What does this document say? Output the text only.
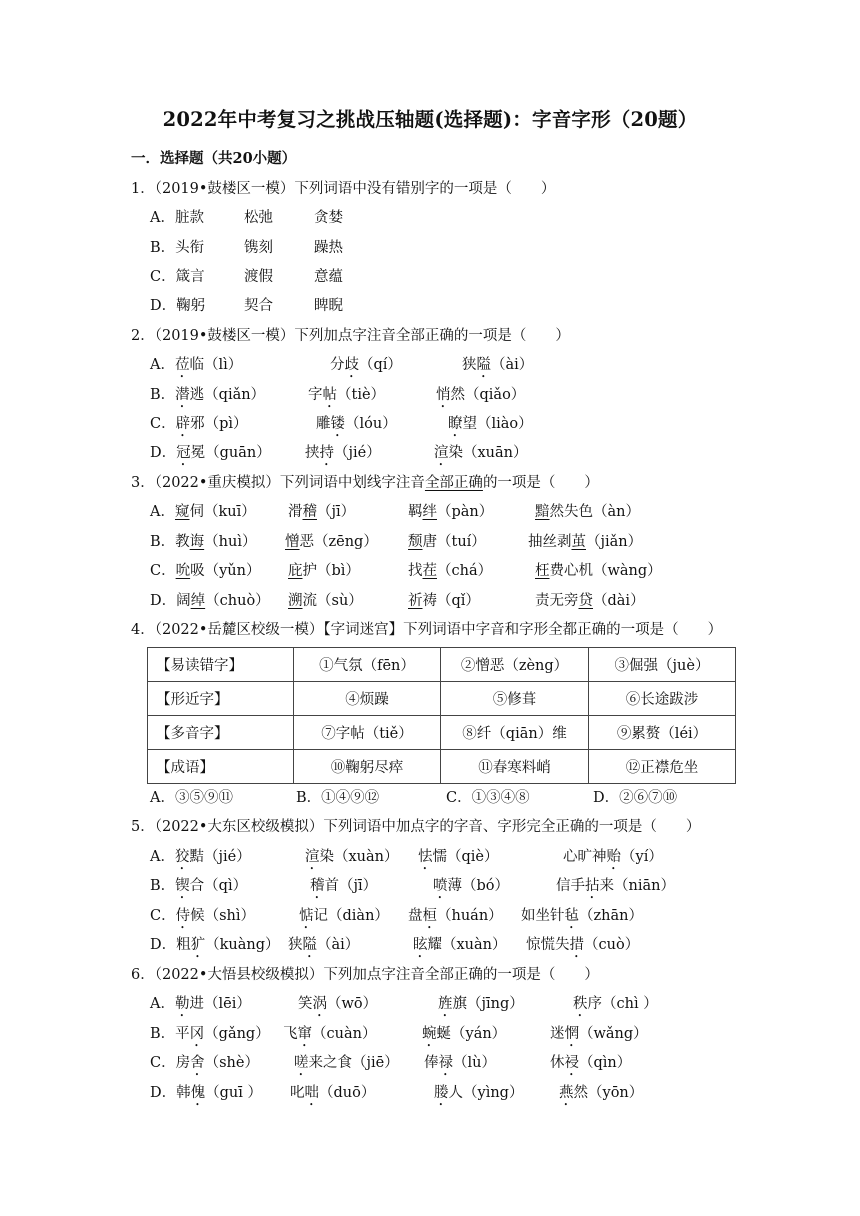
2022年中考复习之挑战压轴题(选择题)：字音字形（20题）
一．选择题（共20小题）
1．（2019•鼓楼区一模）下列词语中没有错别字的一项是（　　）
A．脏款	松弛	贪婪
B．头衔	镌刻	躁热
C．箴言	渡假	意蕴
D．鞠躬	契合	睥睨
2．（2019•鼓楼区一模）下列加点字注音全部正确的一项是（　　）
A．莅临（lì）	分歧（qí）	狭隘（ài）
B．潜逃（qiǎn）	字帖（tiè）	悄然（qiǎo）
C．辟邪（pì）	雕镂（lóu）	瞭望（liào）
D．冠冕（guān） 挟持（jié）	渲染（xuān）
3．（2022•重庆模拟）下列词语中划线字注音全部正确的一项是（　　）
A．窥伺（kuī） 滑稽（jī）	羁绊（pàn）	黯然失色（àn）
B．教诲（huì） 憎恶（zēng） 颓唐（tuí）	抽丝剥茧（jiǎn）
C．吮吸（yǔn） 庇护（bì）	找茬（chá）	枉费心机（wàng）
D．阔绰（chuò） 溯流（sù）	祈祷（qǐ）	责无旁贷（dài）
4．（2022•岳麓区校级一模）【字词迷宫】下列词语中字音和字形全都正确的一项是（　　）
【易读错字】	①气氛（fēn）	②憎恶（zèng）	③倔强（juè）
【形近字】	④烦躁	⑤修葺	⑥长途跋涉
【多音字】	⑦字帖（tiě）	⑧纤（qiān）维	⑨累赘（léi）
【成语】	⑩鞠躬尽瘁	⑪春寒料峭	⑫正襟危坐
A．③⑤⑨⑪	B．①④⑨⑫	C．①③④⑧	D．②⑥⑦⑩
5．（2022•大东区校级模拟）下列词语中加点字的字音、字形完全正确的一项是（　　）
A．狡黠（jié）	渲染（xuàn） 怯懦（qiè）	心旷神贻（yí）
B．锲合（qì）	稽首（jī）	喷薄（bó）	信手拈来（niān）
C．侍候（shì）	惦记（diàn） 盘桓（huán） 如坐针毡（zhān）
D．粗犷（kuàng） 狭隘（ài）	眩耀（xuàn） 惊慌失措（cuò）
6．（2022•大悟县校级模拟）下列加点字注音全部正确的一项是（　　）
A．勒进（lēi）	笑涡（wō）	旌旗（jīng）	秩序（chì ）
B．平冈（gǎng） 飞窜（cuàn）	蜿蜒（yán）	迷惘（wǎng）
C．房舍（shè） 嗟来之食（jiē） 俸禄（lù）	休祲（qìn）
D．韩傀（guī ） 叱咄（duō）	媵人（yìng） 燕然（yōn）
